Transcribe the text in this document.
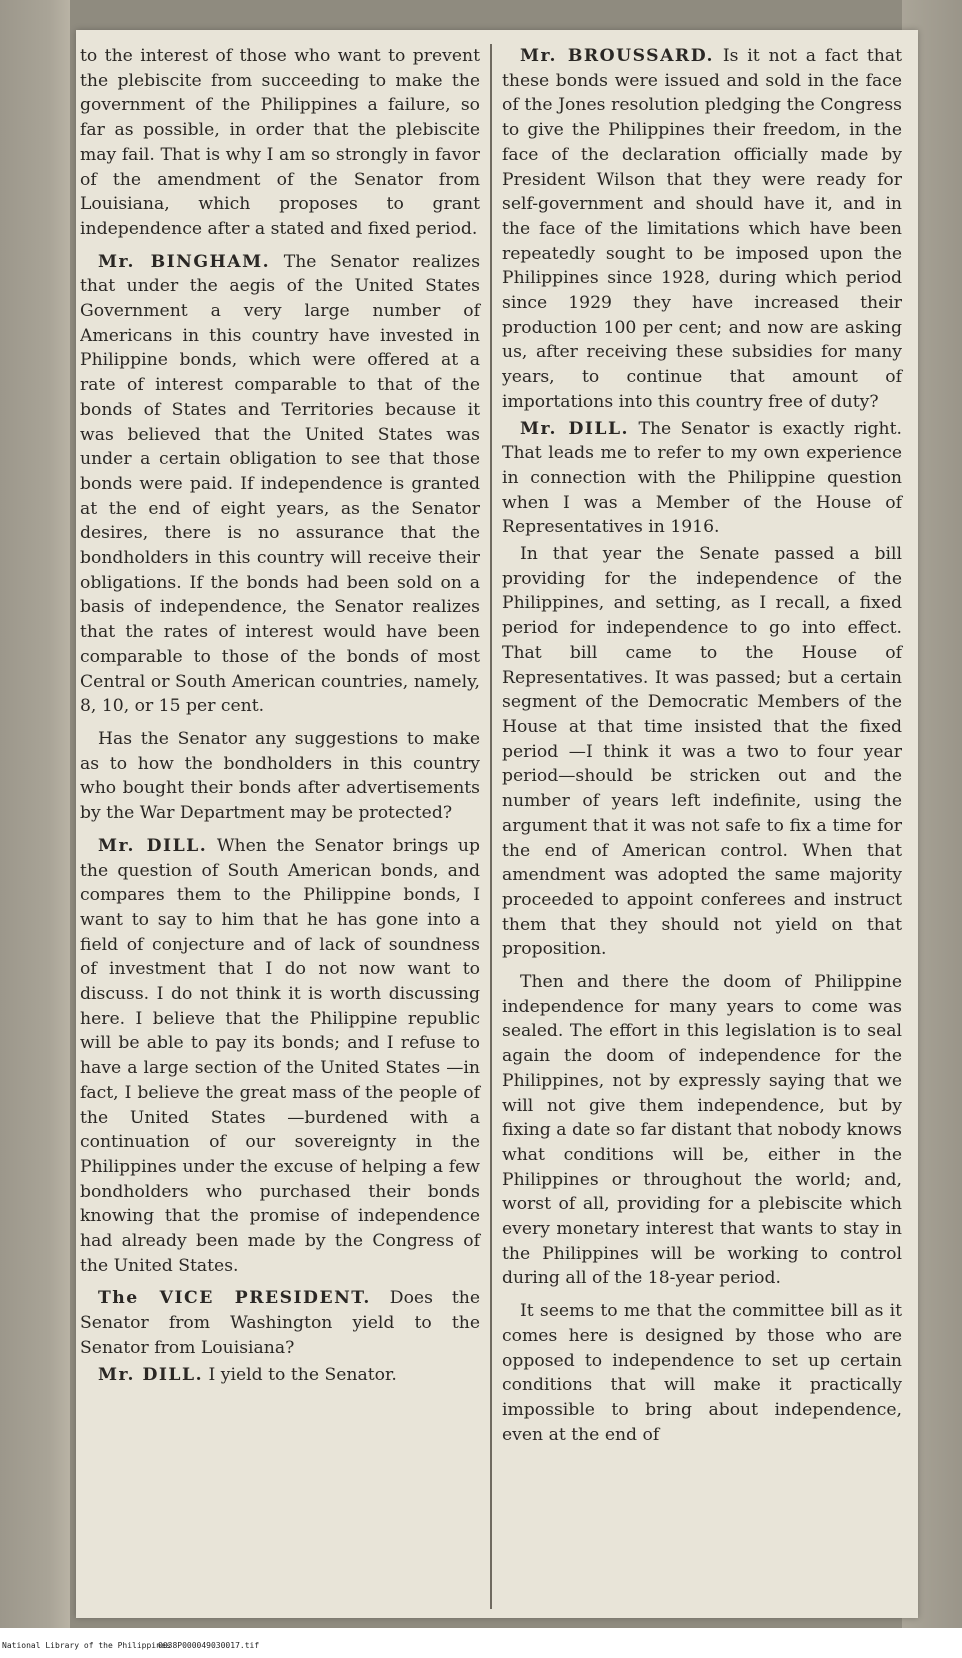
to the interest of those who want to prevent the plebiscite from succeeding to make the government of the Philippines a failure, so far as possible, in order that the plebiscite may fail. That is why I am so strongly in favor of the amendment of the Senator from Louisiana, which proposes to grant independence after a stated and fixed period.

Mr. BINGHAM. The Senator realizes that under the aegis of the United States Government a very large number of Americans in this country have invested in Philippine bonds, which were offered at a rate of interest comparable to that of the bonds of States and Territories because it was believed that the United States was under a certain obligation to see that those bonds were paid. If independence is granted at the end of eight years, as the Senator desires, there is no assurance that the bondholders in this country will receive their obligations. If the bonds had been sold on a basis of independence, the Senator realizes that the rates of interest would have been comparable to those of the bonds of most Central or South American countries, namely, 8, 10, or 15 per cent.

Has the Senator any suggestions to make as to how the bondholders in this country who bought their bonds after advertisements by the War Department may be protected?

Mr. DILL. When the Senator brings up the question of South American bonds, and compares them to the Philippine bonds, I want to say to him that he has gone into a field of conjecture and of lack of soundness of investment that I do not now want to discuss. I do not think it is worth discussing here. I believe that the Philippine republic will be able to pay its bonds; and I refuse to have a large section of the United States —in fact, I believe the great mass of the people of the United States —burdened with a continuation of our sovereignty in the Philippines under the excuse of helping a few bondholders who purchased their bonds knowing that the promise of independence had already been made by the Congress of the United States.

The VICE PRESIDENT. Does the Senator from Washington yield to the Senator from Louisiana?

Mr. DILL. I yield to the Senator.

Mr. BROUSSARD. Is it not a fact that these bonds were issued and sold in the face of the Jones resolution pledging the Congress to give the Philippines their freedom, in the face of the declaration officially made by President Wilson that they were ready for self-government and should have it, and in the face of the limitations which have been repeatedly sought to be imposed upon the Philippines since 1928, during which period since 1929 they have increased their production 100 per cent; and now are asking us, after receiving these subsidies for many years, to continue that amount of importations into this country free of duty?

Mr. DILL. The Senator is exactly right. That leads me to refer to my own experience in connection with the Philippine question when I was a Member of the House of Representatives in 1916.

In that year the Senate passed a bill providing for the independence of the Philippines, and setting, as I recall, a fixed period for independence to go into effect. That bill came to the House of Representatives. It was passed; but a certain segment of the Democratic Members of the House at that time insisted that the fixed period —I think it was a two to four year period—should be stricken out and the number of years left indefinite, using the argument that it was not safe to fix a time for the end of American control. When that amendment was adopted the same majority proceeded to appoint conferees and instruct them that they should not yield on that proposition.

Then and there the doom of Philippine independence for many years to come was sealed. The effort in this legislation is to seal again the doom of independence for the Philippines, not by expressly saying that we will not give them independence, but by fixing a date so far distant that nobody knows what conditions will be, either in the Philippines or throughout the world; and, worst of all, providing for a plebiscite which every monetary interest that wants to stay in the Philippines will be working to control during all of the 18-year period.

It seems to me that the committee bill as it comes here is designed by those who are opposed to independence to set up certain conditions that will make it practically impossible to bring about independence, even at the end of

National Library of the Philippines
0038P000049030017.tif
